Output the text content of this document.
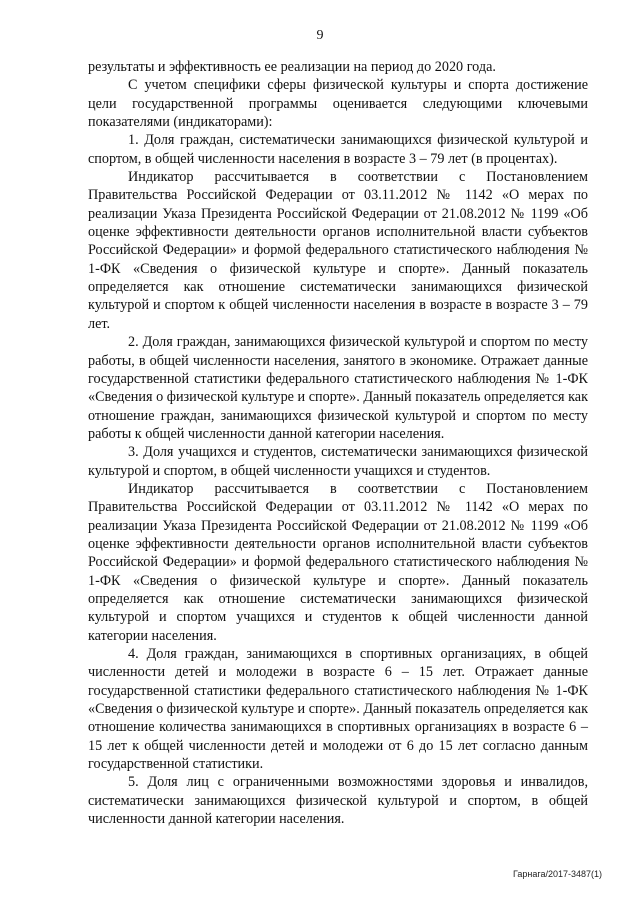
9

результаты и эффективность ее реализации на период до 2020 года.

С учетом специфики сферы физической культуры и спорта достижение цели государственной программы оценивается следующими ключевыми показателями (индикаторами):

1. Доля граждан, систематически занимающихся физической культурой и спортом, в общей численности населения в возрасте 3 – 79 лет (в процентах).

Индикатор рассчитывается в соответствии с Постановлением Правительства Российской Федерации от 03.11.2012 № 1142 «О мерах по реализации Указа Президента Российской Федерации от 21.08.2012 № 1199 «Об оценке эффективности деятельности органов исполнительной власти субъектов Российской Федерации» и формой федерального статистического наблюдения № 1-ФК «Сведения о физической культуре и спорте». Данный показатель определяется как отношение систематически занимающихся физической культурой и спортом к общей численности населения в возрасте в возрасте 3 – 79 лет.

2. Доля граждан, занимающихся физической культурой и спортом по месту работы, в общей численности населения, занятого в экономике. Отражает данные государственной статистики федерального статистического наблюдения № 1-ФК «Сведения о физической культуре и спорте». Данный показатель определяется как отношение граждан, занимающихся физической культурой и спортом по месту работы к общей численности данной категории населения.

3. Доля учащихся и студентов, систематически занимающихся физической культурой и спортом, в общей численности учащихся и студентов.

Индикатор рассчитывается в соответствии с Постановлением Правительства Российской Федерации от 03.11.2012 № 1142 «О мерах по реализации Указа Президента Российской Федерации от 21.08.2012 № 1199 «Об оценке эффективности деятельности органов исполнительной власти субъектов Российской Федерации» и формой федерального статистического наблюдения № 1-ФК «Сведения о физической культуре и спорте». Данный показатель определяется как отношение систематически занимающихся физической культурой и спортом учащихся и студентов к общей численности данной категории населения.

4. Доля граждан, занимающихся в спортивных организациях, в общей численности детей и молодежи в возрасте 6 – 15 лет. Отражает данные государственной статистики федерального статистического наблюдения № 1-ФК «Сведения о физической культуре и спорте». Данный показатель определяется как отношение количества занимающихся в спортивных организациях в возрасте 6 – 15 лет к общей численности детей и молодежи от 6 до 15 лет согласно данным государственной статистики.

5. Доля лиц с ограниченными возможностями здоровья и инвалидов, систематически занимающихся физической культурой и спортом, в общей численности данной категории населения.

Гарнага/2017-3487(1)
